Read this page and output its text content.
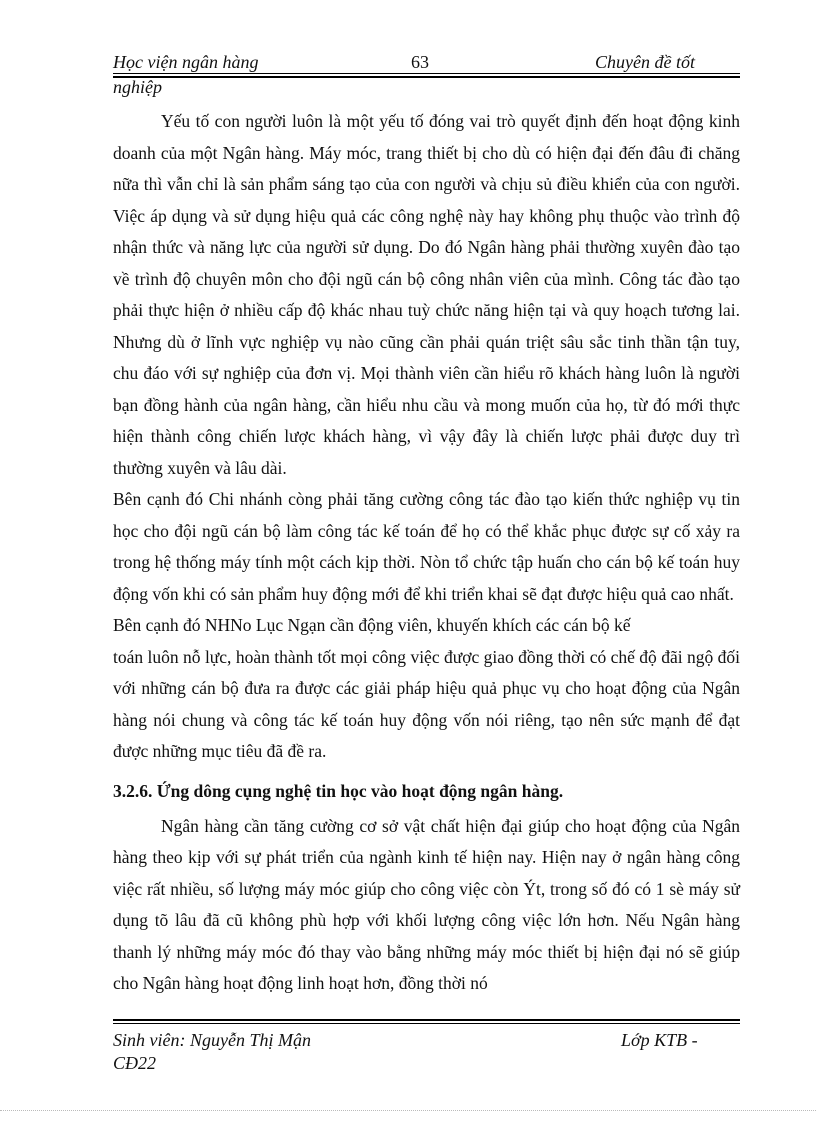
Học viện ngân hàng	63	Chuyên đề tốt
nghiệp

Yếu tố con người luôn là một yếu tố đóng vai trò quyết định đến hoạt động kinh doanh của một Ngân hàng. Máy móc, trang thiết bị cho dù có hiện đại đến đâu đi chăng nữa thì vẫn chỉ là sản phẩm sáng tạo của con người và chịu sủ điều khiển của con người. Việc áp dụng và sử dụng hiệu quả các công nghệ này hay không phụ thuộc vào trình độ nhận thức và năng lực của người sử dụng. Do đó Ngân hàng phải thường xuyên đào tạo về trình độ chuyên môn cho đội ngũ cán bộ công nhân viên của mình. Công tác đào tạo phải thực hiện ở nhiều cấp độ khác nhau tuỳ chức năng hiện tại và quy hoạch tương lai. Nhưng dù ở lĩnh vực nghiệp vụ nào cũng cần phải quán triệt sâu sắc tinh thần tận tuy, chu đáo với sự nghiệp của đơn vị. Mọi thành viên cần hiểu rõ khách hàng luôn là người bạn đồng hành của ngân hàng, cần hiểu nhu cầu và mong muốn của họ, từ đó mới thực hiện thành công chiến lược khách hàng, vì vậy đây là chiến lược phải được duy trì thường xuyên và lâu dài.

Bên cạnh đó Chi nhánh còng phải tăng cường công tác đào tạo kiến thức nghiệp vụ tin học cho đội ngũ cán bộ làm công tác kế toán để họ có thể khắc phục được sự cố xảy ra trong hệ thống máy tính một cách kịp thời. Nòn tổ chức tập huấn cho cán bộ kế toán huy động vốn khi có sản phẩm huy động mới để khi triển khai sẽ đạt được hiệu quả cao nhất.

Bên cạnh đó NHNo Lục Ngạn cần động viên, khuyến khích các cán bộ kế

toán luôn nỗ lực, hoàn thành tốt mọi công việc được giao đồng thời có chế độ đãi ngộ đối với những cán bộ đưa ra được các giải pháp hiệu quả phục vụ cho hoạt động của Ngân hàng nói chung và công tác kế toán huy động vốn nói riêng, tạo nên sức mạnh để đạt được những mục tiêu đã đề ra.

3.2.6. Ứng dông cụng nghệ tin học vào hoạt động ngân hàng.

Ngân hàng cần tăng cường cơ sở vật chất hiện đại giúp cho hoạt động của Ngân hàng theo kịp với sự phát triển của ngành kinh tế hiện nay. Hiện nay ở ngân hàng công việc rất nhiều, số lượng máy móc giúp cho công việc còn Ýt, trong số đó có 1 sè máy sử dụng tõ lâu đã cũ không phù hợp với khối lượng công việc lớn hơn. Nếu Ngân hàng thanh lý những máy móc đó thay vào bằng những máy móc thiết bị hiện đại nó sẽ giúp cho Ngân hàng hoạt động linh hoạt hơn, đồng thời nó

Sinh viên: Nguyễn Thị Mận	Lớp KTB -
CĐ22
